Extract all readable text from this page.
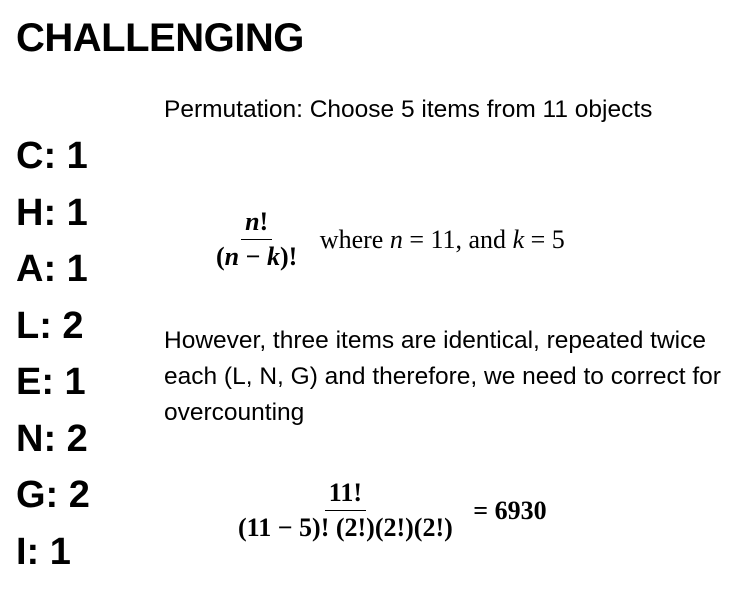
CHALLENGING
C: 1
H: 1
A: 1
L: 2
E: 1
N: 2
G: 2
I: 1
Permutation: Choose 5 items from 11 objects
$\frac{n!}{(n - k)!}$ where n = 11, and k = 5
However, three items are identical, repeated twice each (L, N, G) and therefore, we need to correct for overcounting
$\frac{11!}{(11 - 5)! (2!)(2!)(2!)} = 6930$
